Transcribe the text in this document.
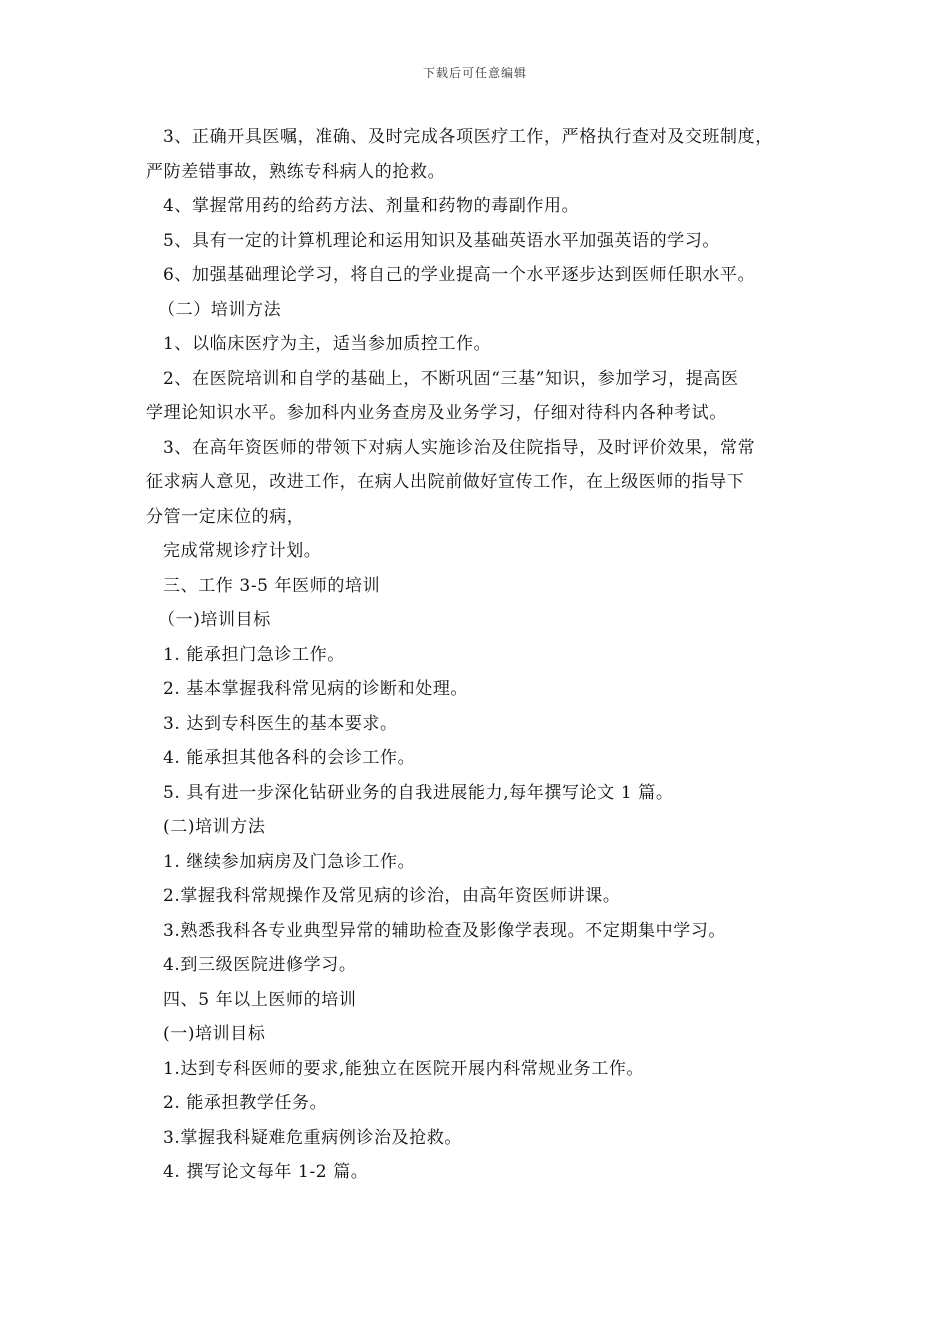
下载后可任意编辑
3、正确开具医嘱，准确、及时完成各项医疗工作，严格执行查对及交班制度，
严防差错事故，熟练专科病人的抢救。
4、掌握常用药的给药方法、剂量和药物的毒副作用。
5、具有一定的计算机理论和运用知识及基础英语水平加强英语的学习。
6、加强基础理论学习，将自己的学业提高一个水平逐步达到医师任职水平。
（二）培训方法
1、以临床医疗为主，适当参加质控工作。
2、在医院培训和自学的基础上，不断巩固“三基”知识，参加学习，提高医
学理论知识水平。参加科内业务查房及业务学习，仔细对待科内各种考试。
3、在高年资医师的带领下对病人实施诊治及住院指导，及时评价效果，常常
征求病人意见，改进工作，在病人出院前做好宣传工作，在上级医师的指导下
分管一定床位的病，
完成常规诊疗计划。
三、工作 3-5 年医师的培训
（一)培训目标
1. 能承担门急诊工作。
2. 基本掌握我科常见病的诊断和处理。
3. 达到专科医生的基本要求。
4. 能承担其他各科的会诊工作。
5. 具有进一步深化钻研业务的自我进展能力,每年撰写论文 1 篇。
(二)培训方法
1. 继续参加病房及门急诊工作。
2.掌握我科常规操作及常见病的诊治，由高年资医师讲课。
3.熟悉我科各专业典型异常的辅助检查及影像学表现。不定期集中学习。
4.到三级医院进修学习。
四、5 年以上医师的培训
(一)培训目标
1.达到专科医师的要求,能独立在医院开展内科常规业务工作。
2. 能承担教学任务。
3.掌握我科疑难危重病例诊治及抢救。
4. 撰写论文每年 1-2 篇。
